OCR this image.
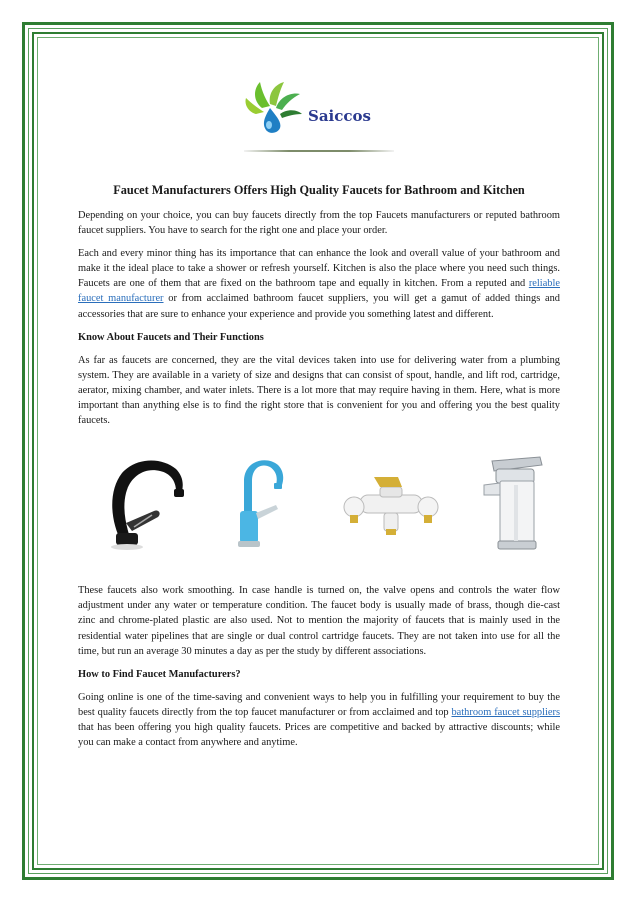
Saiccos
Faucet Manufacturers Offers High Quality Faucets for Bathroom and Kitchen
Depending on your choice, you can buy faucets directly from the top Faucets manufacturers or reputed bathroom faucet suppliers. You have to search for the right one and place your order.
Each and every minor thing has its importance that can enhance the look and overall value of your bathroom and make it the ideal place to take a shower or refresh yourself. Kitchen is also the place where you need such things. Faucets are one of them that are fixed on the bathroom tape and equally in kitchen. From a reputed and reliable faucet manufacturer or from acclaimed bathroom faucet suppliers, you will get a gamut of added things and accessories that are sure to enhance your experience and provide you something latest and different.
Know About Faucets and Their Functions
As far as faucets are concerned, they are the vital devices taken into use for delivering water from a plumbing system. They are available in a variety of size and designs that can consist of spout, handle, and lift rod, cartridge, aerator, mixing chamber, and water inlets. There is a lot more that may require having in them. Here, what is more important than anything else is to find the right store that is convenient for you and offering you the best quality faucets.
These faucets also work smoothing. In case handle is turned on, the valve opens and controls the water flow adjustment under any water or temperature condition. The faucet body is usually made of brass, though die-cast zinc and chrome-plated plastic are also used. Not to mention the majority of faucets that is mainly used in the residential water pipelines that are single or dual control cartridge faucets. They are not taken into use for all the time, but run an average 30 minutes a day as per the study by different associations.
How to Find Faucet Manufacturers?
Going online is one of the time-saving and convenient ways to help you in fulfilling your requirement to buy the best quality faucets directly from the top faucet manufacturer or from acclaimed and top bathroom faucet suppliers that has been offering you high quality faucets. Prices are competitive and backed by attractive discounts; while you can make a contact from anywhere and anytime.
